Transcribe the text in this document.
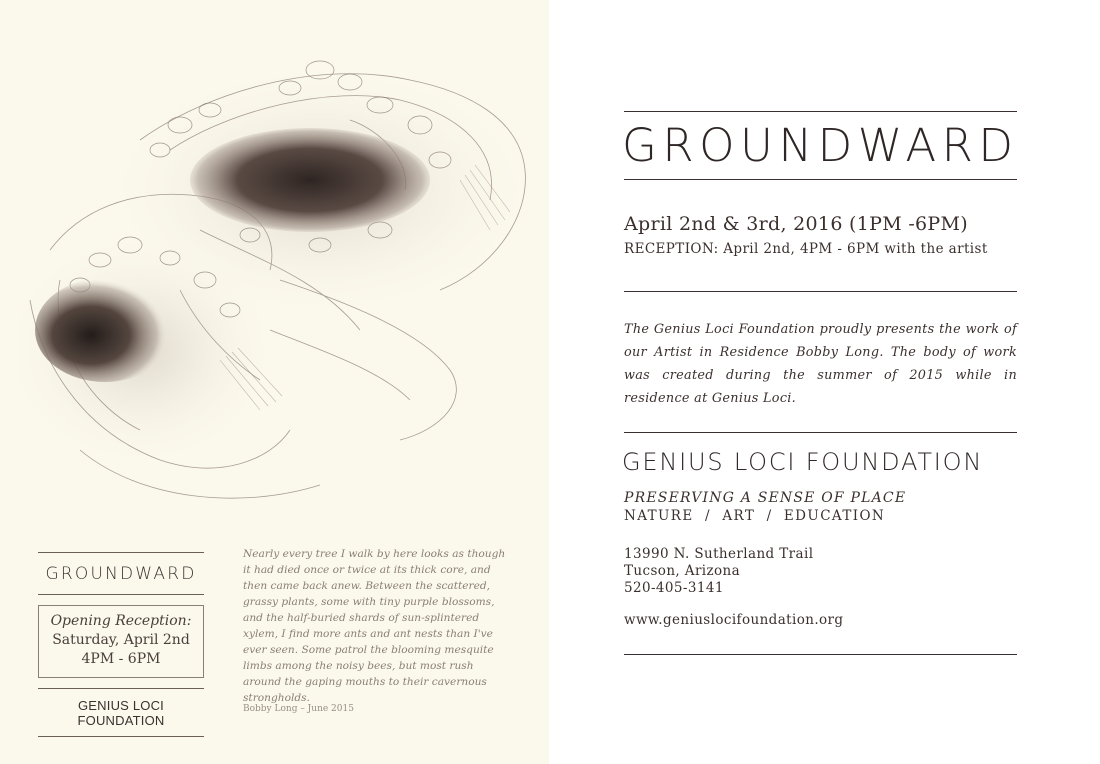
GROUNDWARD
Opening Reception:
Saturday, April 2nd
4PM - 6PM
GENIUS LOCI FOUNDATION
Nearly every tree I walk by here looks as though it had died once or twice at its thick core, and then came back anew. Between the scattered, grassy plants, some with tiny purple blossoms, and the half-buried shards of sun-splintered xylem, I find more ants and ant nests than I've ever seen. Some patrol the blooming mesquite limbs among the noisy bees, but most rush around the gaping mouths to their cavernous strongholds.
Bobby Long – June 2015
GROUNDWARD
April 2nd & 3rd, 2016 (1PM -6PM)
RECEPTION: April 2nd, 4PM - 6PM with the artist
The Genius Loci Foundation proudly presents the work of our Artist in Residence Bobby Long. The body of work was created during the summer of 2015 while in residence at Genius Loci.
GENIUS LOCI FOUNDATION
PRESERVING A SENSE OF PLACE
NATURE  /  ART  /  EDUCATION
13990 N. Sutherland Trail
Tucson, Arizona
520-405-3141
www.geniuslocifoundation.org
